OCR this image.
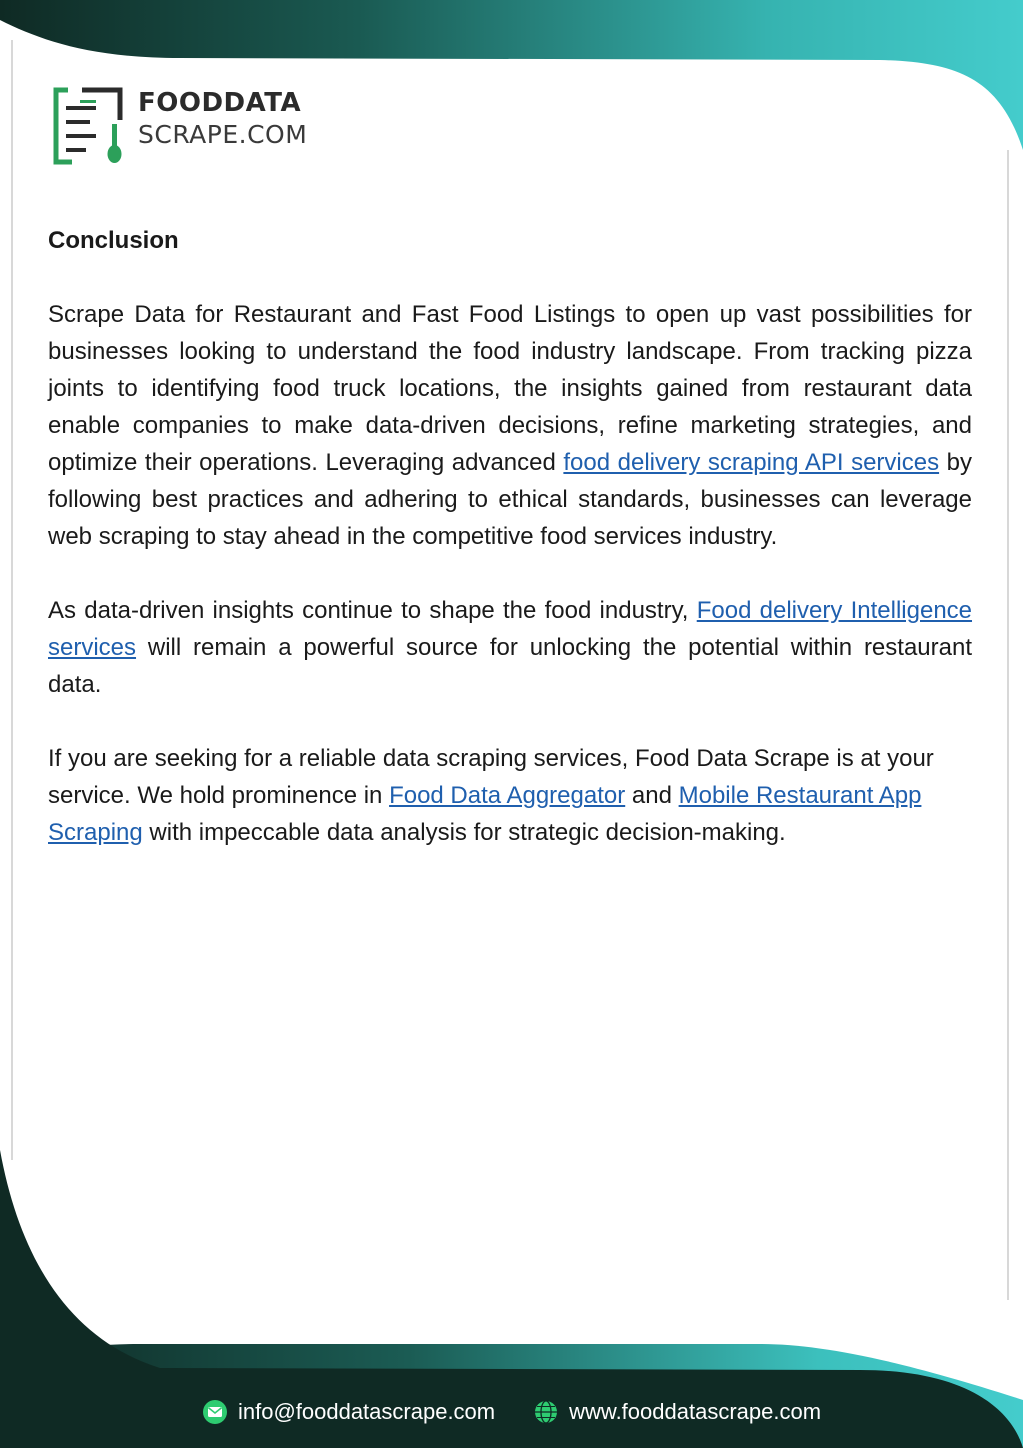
FOODDATA
SCRAPE.COM

Conclusion

Scrape Data for Restaurant and Fast Food Listings to open up vast possibilities for businesses looking to understand the food industry landscape. From tracking pizza joints to identifying food truck locations, the insights gained from restaurant data enable companies to make data-driven decisions, refine marketing strategies, and optimize their operations. Leveraging advanced food delivery scraping API services by following best practices and adhering to ethical standards, businesses can leverage web scraping to stay ahead in the competitive food services industry.

As data-driven insights continue to shape the food industry, Food delivery Intelligence services will remain a powerful source for unlocking the potential within restaurant data.

If you are seeking for a reliable data scraping services, Food Data Scrape is at your service. We hold prominence in Food Data Aggregator and Mobile Restaurant App Scraping with impeccable data analysis for strategic decision-making.

info@fooddatascrape.com	www.fooddatascrape.com
